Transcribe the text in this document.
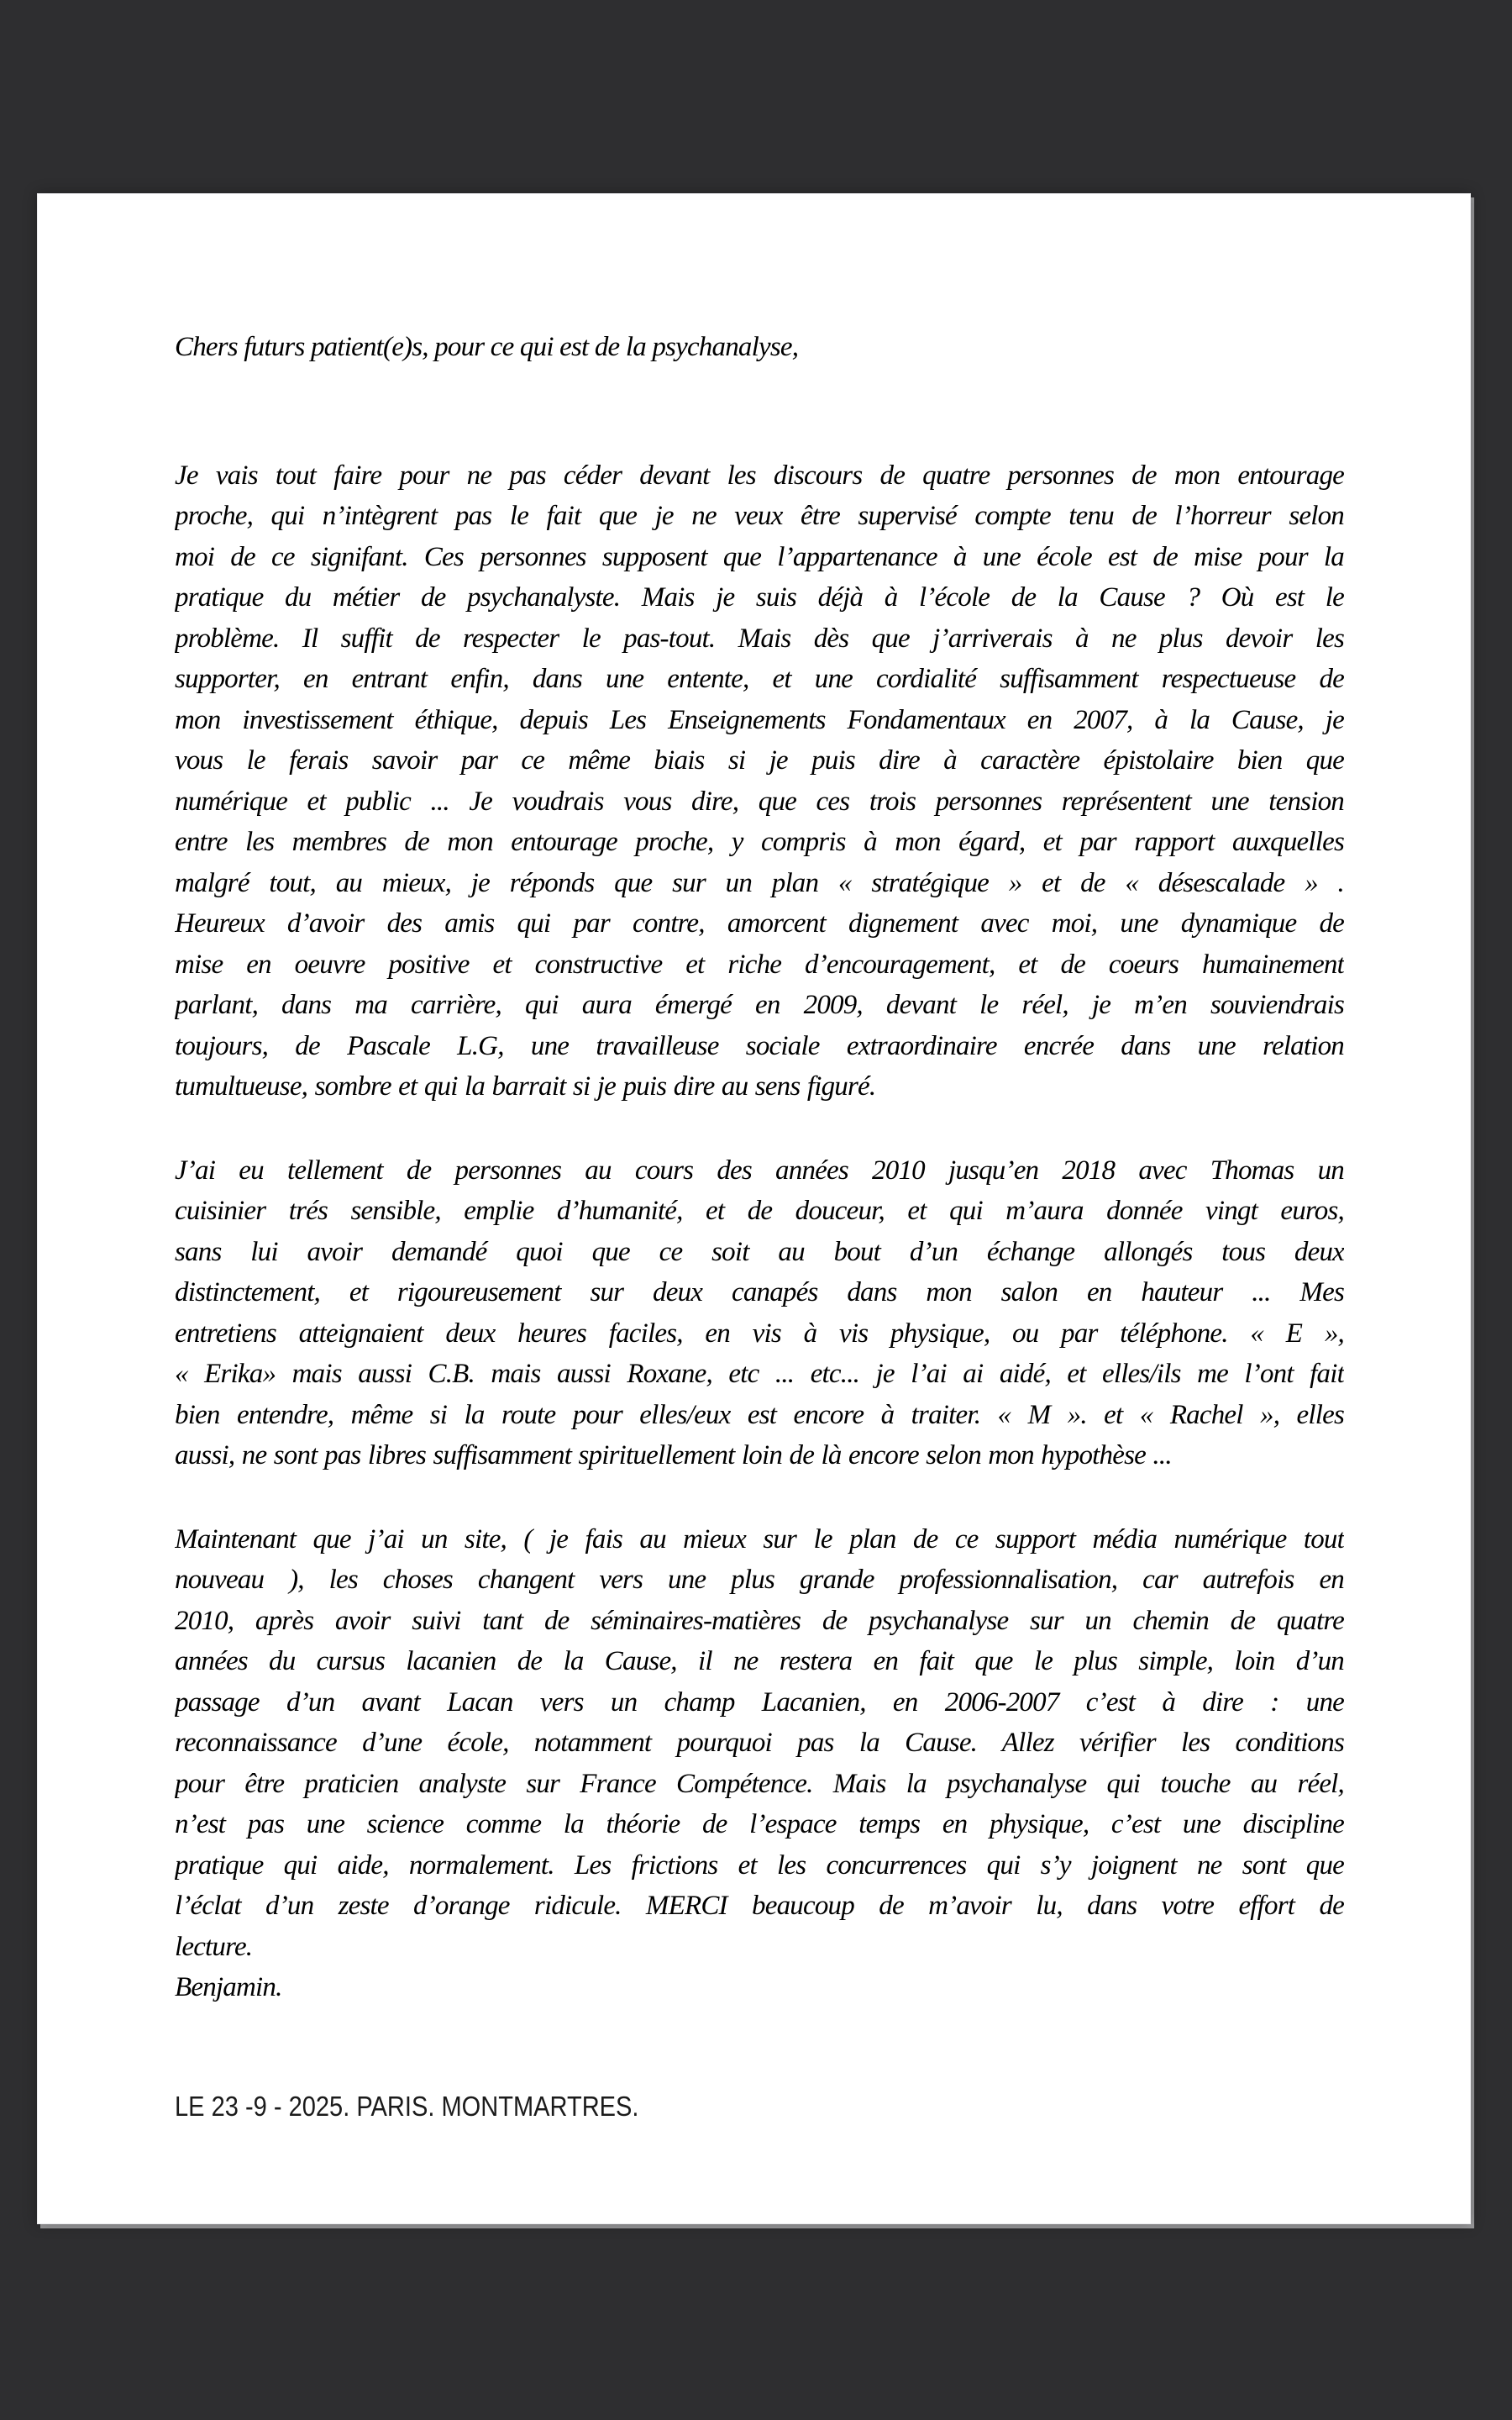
Chers futurs patient(e)s, pour ce qui est de la psychanalyse,
Je vais tout faire pour ne pas céder devant les discours de quatre personnes de mon entourage
proche, qui n’intègrent pas le fait que je ne veux être supervisé compte tenu de l’horreur selon
moi de ce signifant. Ces personnes supposent que l’appartenance à une école est de mise pour la
pratique du métier de psychanalyste. Mais je suis déjà à l’école de la Cause ? Où est le
problème. Il suffit de respecter le pas-tout. Mais dès que j’arriverais à ne plus devoir les
supporter, en entrant enfin, dans une entente, et une cordialité suffisamment respectueuse de
mon investissement éthique, depuis Les Enseignements Fondamentaux en 2007, à la Cause, je
vous le ferais savoir par ce même biais si je puis dire à caractère épistolaire bien que
numérique et public ... Je voudrais vous dire, que ces trois personnes représentent une tension
entre les membres de mon entourage proche, y compris à mon égard, et par rapport auxquelles
malgré tout, au mieux, je réponds que sur un plan « stratégique » et de « désescalade » .
Heureux d’avoir des amis qui par contre, amorcent dignement avec moi, une dynamique de
mise en oeuvre positive et constructive et riche d’encouragement, et de coeurs humainement
parlant, dans ma carrière, qui aura émergé en 2009, devant le réel, je m’en souviendrais
toujours, de Pascale L.G, une travailleuse sociale extraordinaire encrée dans une relation
tumultueuse, sombre et qui la barrait si je puis dire au sens figuré.
J’ai eu tellement de personnes au cours des années 2010 jusqu’en 2018 avec Thomas un
cuisinier trés sensible, emplie d’humanité, et de douceur, et qui m’aura donnée vingt euros,
sans lui avoir demandé quoi que ce soit au bout d’un échange allongés tous deux
distinctement, et rigoureusement sur deux canapés dans mon salon en hauteur ... Mes
entretiens atteignaient deux heures faciles, en vis à vis physique, ou par téléphone. « E »,
« Erika» mais aussi C.B. mais aussi Roxane, etc ... etc... je l’ai ai aidé, et elles/ils me l’ont fait
bien entendre, même si la route pour elles/eux est encore à traiter. « M ». et « Rachel », elles
aussi, ne sont pas libres suffisamment spirituellement loin de là encore selon mon hypothèse ...
Maintenant que j’ai un site, ( je fais au mieux sur le plan de ce support média numérique tout
nouveau ), les choses changent vers une plus grande professionnalisation, car autrefois en
2010, après avoir suivi tant de séminaires-matières de psychanalyse sur un chemin de quatre
années du cursus lacanien de la Cause, il ne restera en fait que le plus simple, loin d’un
passage d’un avant Lacan vers un champ Lacanien, en 2006-2007 c’est à dire : une
reconnaissance d’une école, notamment pourquoi pas la Cause. Allez vérifier les conditions
pour être praticien analyste sur France Compétence. Mais la psychanalyse qui touche au réel,
n’est pas une science comme la théorie de l’espace temps en physique, c’est une discipline
pratique qui aide, normalement. Les frictions et les concurrences qui s’y joignent ne sont que
l’éclat d’un zeste d’orange ridicule. MERCI beaucoup de m’avoir lu, dans votre effort de
lecture.
Benjamin.
LE 23 -9 - 2025. PARIS. MONTMARTRES.
